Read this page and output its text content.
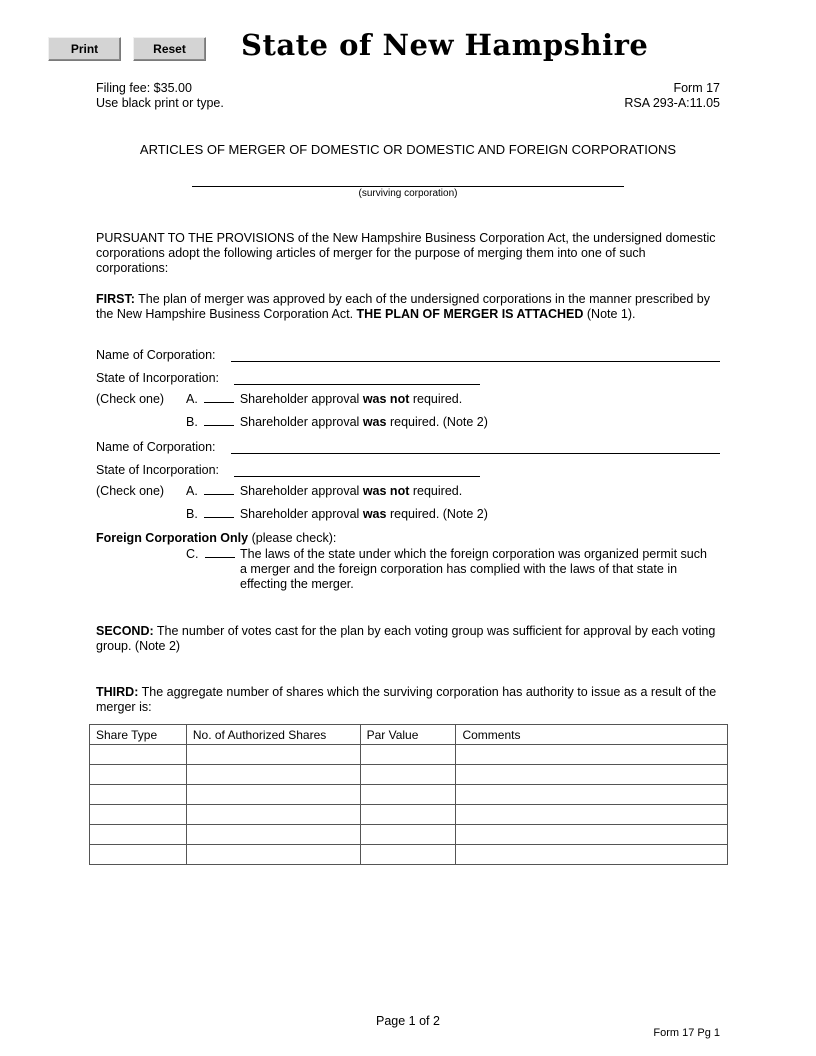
Print	Reset	State of New Hampshire
Filing fee: $35.00
Use black print or type.
Form 17
RSA 293-A:11.05
ARTICLES OF MERGER OF DOMESTIC OR DOMESTIC AND FOREIGN CORPORATIONS
(surviving corporation)

PURSUANT TO THE PROVISIONS of the New Hampshire Business Corporation Act, the undersigned domestic corporations adopt the following articles of merger for the purpose of merging them into one of such corporations:

FIRST: The plan of merger was approved by each of the undersigned corporations in the manner prescribed by the New Hampshire Business Corporation Act. THE PLAN OF MERGER IS ATTACHED (Note 1).

Name of Corporation:
State of Incorporation:
(Check one) A.	Shareholder approval was not required.
B.	Shareholder approval was required. (Note 2)
Name of Corporation:
State of Incorporation:
(Check one) A.	Shareholder approval was not required.
B.	Shareholder approval was required. (Note 2)
Foreign Corporation Only (please check):
C.	The laws of the state under which the foreign corporation was organized permit such a merger and the foreign corporation has complied with the laws of that state in effecting the merger.

SECOND: The number of votes cast for the plan by each voting group was sufficient for approval by each voting group. (Note 2)

THIRD: The aggregate number of shares which the surviving corporation has authority to issue as a result of the merger is:

Share Type	No. of Authorized Shares	Par Value	Comments

Page 1 of 2
Form 17 Pg 1
